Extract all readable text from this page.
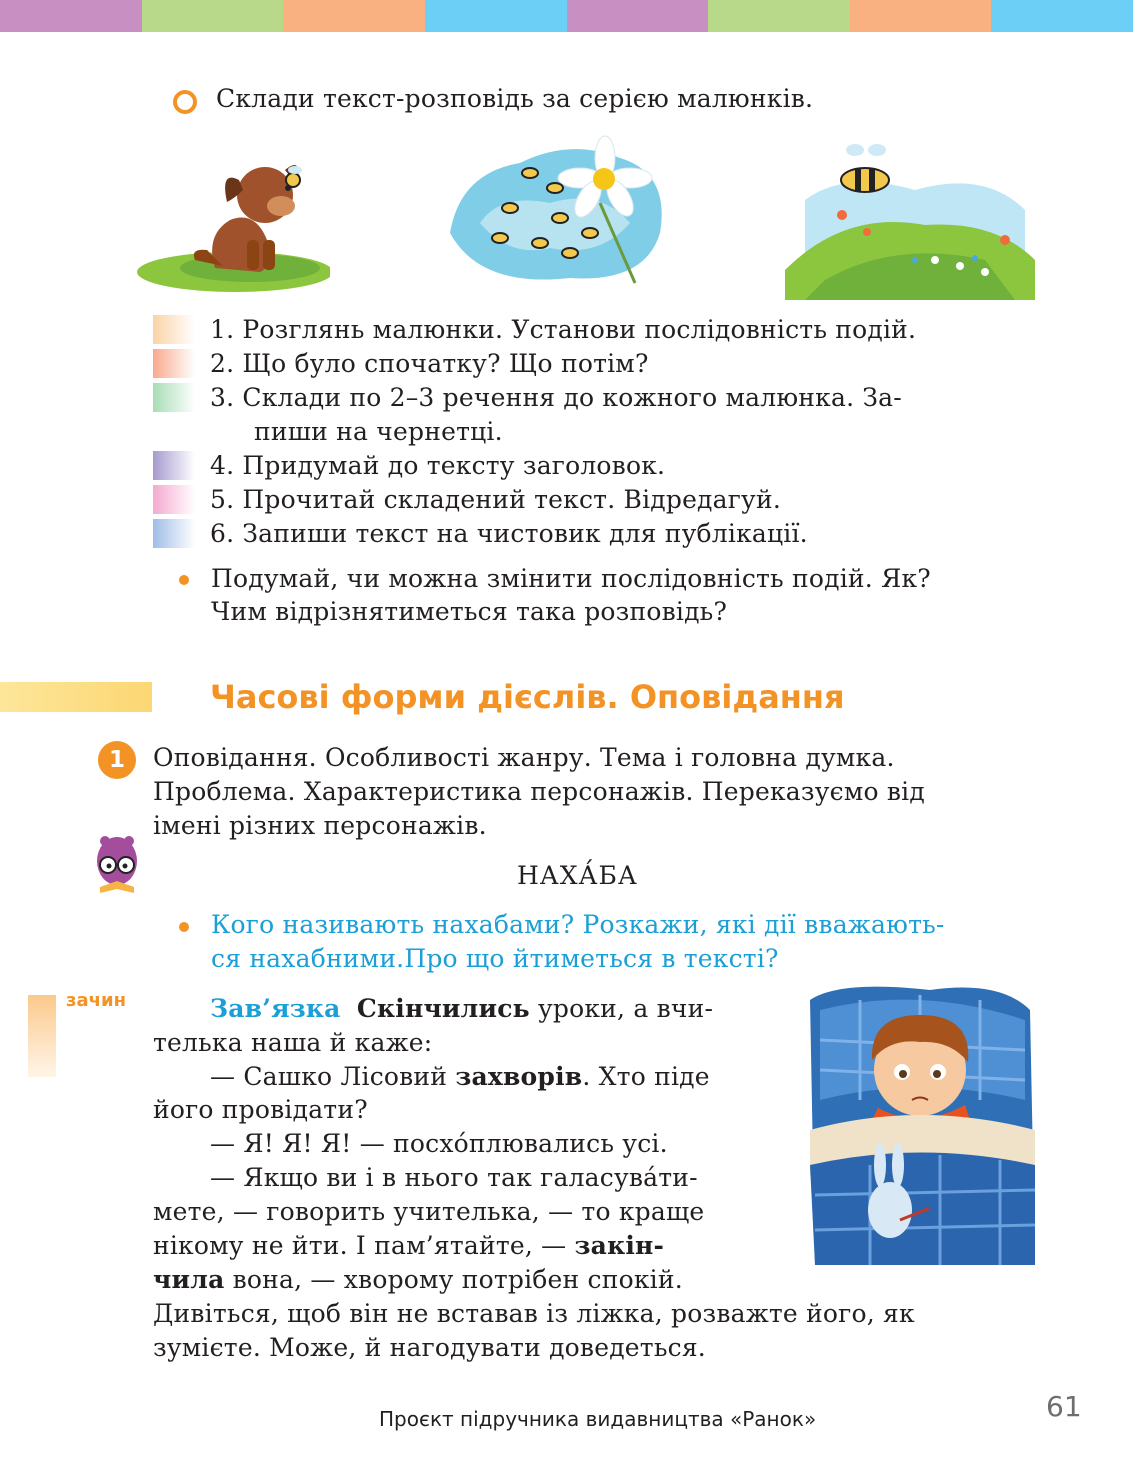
Склади текст-розповідь за серією малюнків.
1. Розглянь малюнки. Установи послідовність подій.
2. Що було спочатку? Що потім?
3. Склади по 2–3 речення до кожного малюнка. За-
пиши на чернетці.
4. Придумай до тексту заголовок.
5. Прочитай складений текст. Відредагуй.
6. Запиши текст на чистовик для публікації.
Подумай, чи можна змінити послідовність подій. Як?
Чим відрізнятиметься така розповідь?
Часові форми дієслів. Оповідання
1	Оповідання. Особливості жанру. Тема і головна думка.
Проблема. Характеристика персонажів. Переказуємо від
імені різних персонажів.
НАХА́БА
Кого називають нахабами? Розкажи, які дії вважають-
ся нахабними.Про що йтиметься в тексті?
зачин	Зав’язка Скінчились уроки, а вчи-
телька наша й каже:
— Сашко Лісовий захворів. Хто піде
його провідати?
— Я! Я! Я! — посхо́плювались усі.
— Якщо ви і в нього так галасува́ти-
мете, — говорить учителька, — то краще
нікому не йти. І пам’ятайте, — закін-
чила вона, — хворому потрібен спокій.
Дивіться, щоб він не вставав із ліжка, розважте його, як
зумієте. Може, й нагодувати доведеться.
Проєкт підручника видавництва «Ранок»	61
